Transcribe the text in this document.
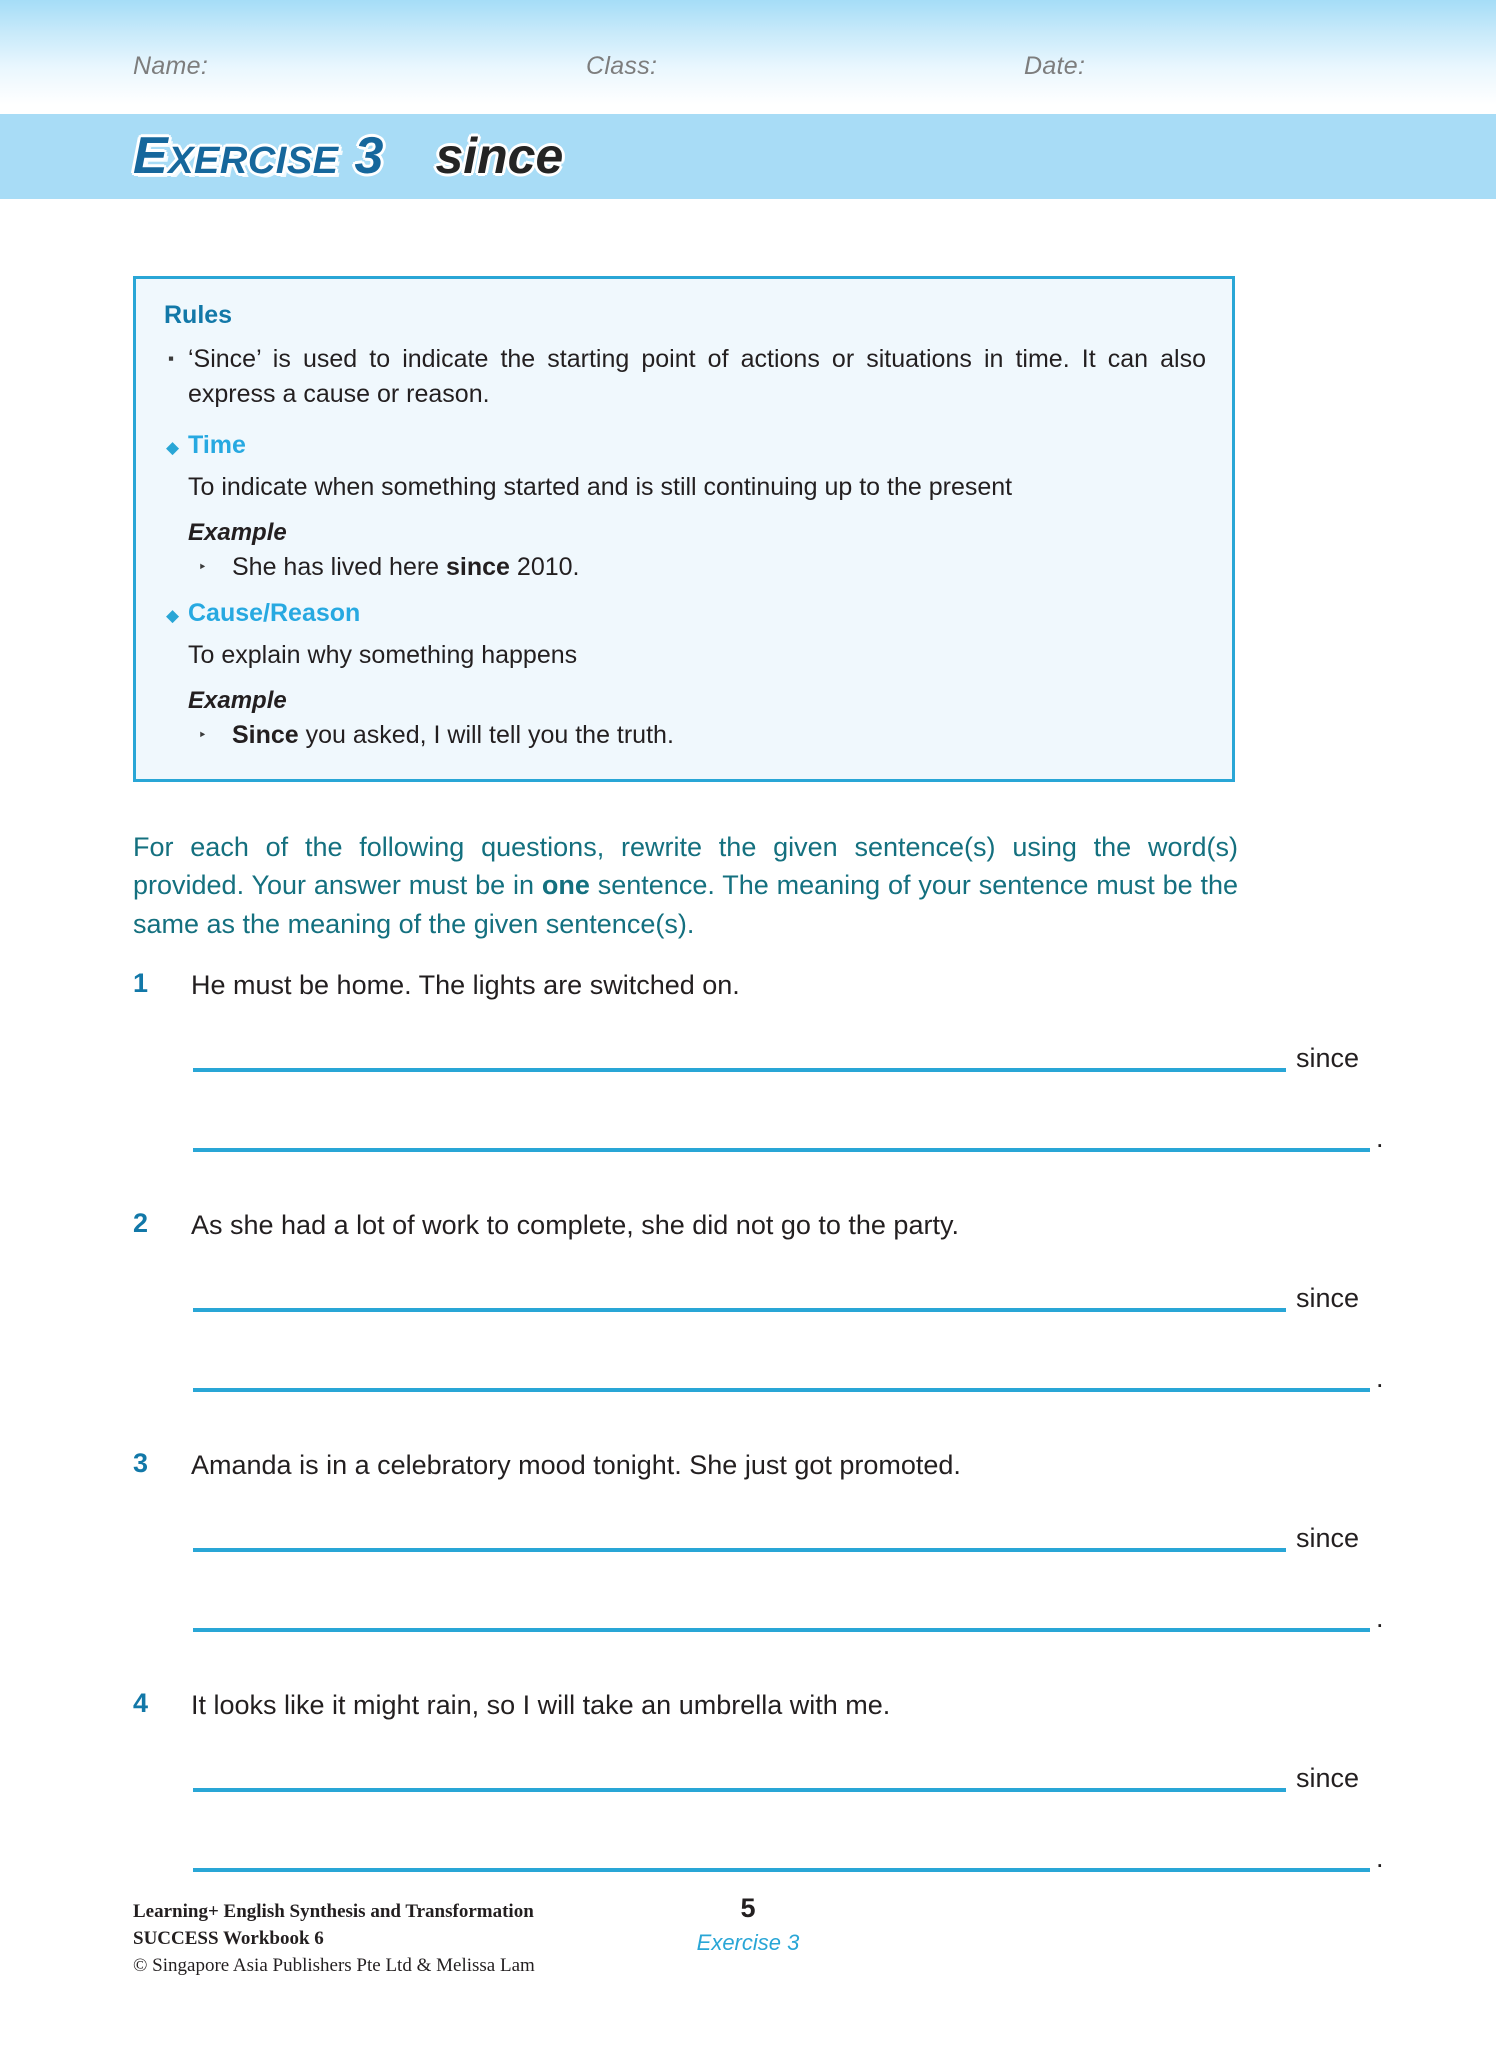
Name:	Class:	Date:
EXERCISE 3 since
Rules
▪ ‘Since’ is used to indicate the starting point of actions or situations in time. It can also express a cause or reason.
◆ Time
To indicate when something started and is still continuing up to the present
Example
‣	She has lived here since 2010.
◆ Cause/Reason
To explain why something happens
Example
‣	Since you asked, I will tell you the truth.
For each of the following questions, rewrite the given sentence(s) using the word(s) provided. Your answer must be in one sentence. The meaning of your sentence must be the same as the meaning of the given sentence(s).
1	He must be home. The lights are switched on.
since
.
2	As she had a lot of work to complete, she did not go to the party.
since
.
3	Amanda is in a celebratory mood tonight. She just got promoted.
since
.
4	It looks like it might rain, so I will take an umbrella with me.
since
.
Learning+ English Synthesis and Transformation
SUCCESS Workbook 6
© Singapore Asia Publishers Pte Ltd & Melissa Lam
5
Exercise 3
